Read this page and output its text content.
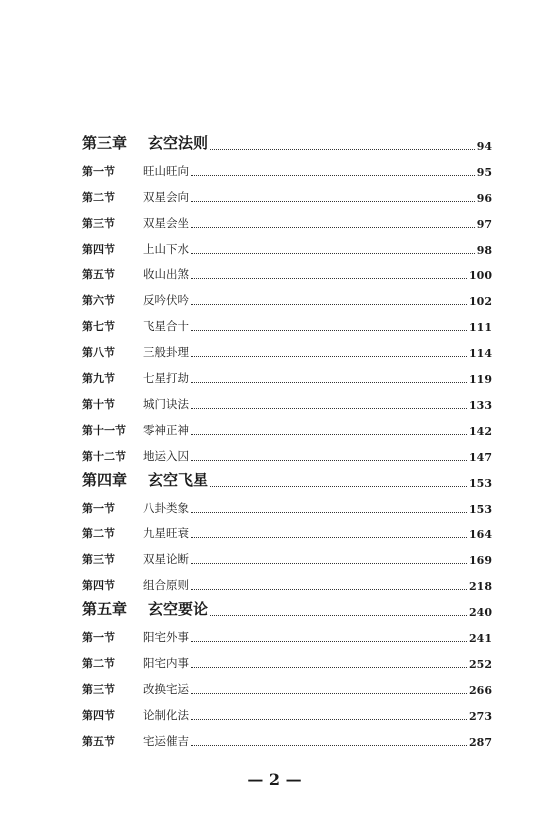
第三章	玄空法则	94
第一节	旺山旺向	95
第二节	双星会向	96
第三节	双星会坐	97
第四节	上山下水	98
第五节	收山出煞	100
第六节	反吟伏吟	102
第七节	飞星合十	111
第八节	三般卦理	114
第九节	七星打劫	119
第十节	城门诀法	133
第十一节	零神正神	142
第十二节	地运入囚	147
第四章	玄空飞星	153
第一节	八卦类象	153
第二节	九星旺衰	164
第三节	双星论断	169
第四节	组合原则	218
第五章	玄空要论	240
第一节	阳宅外事	241
第二节	阳宅内事	252
第三节	改换宅运	266
第四节	论制化法	273
第五节	宅运催吉	287
— 2 —
